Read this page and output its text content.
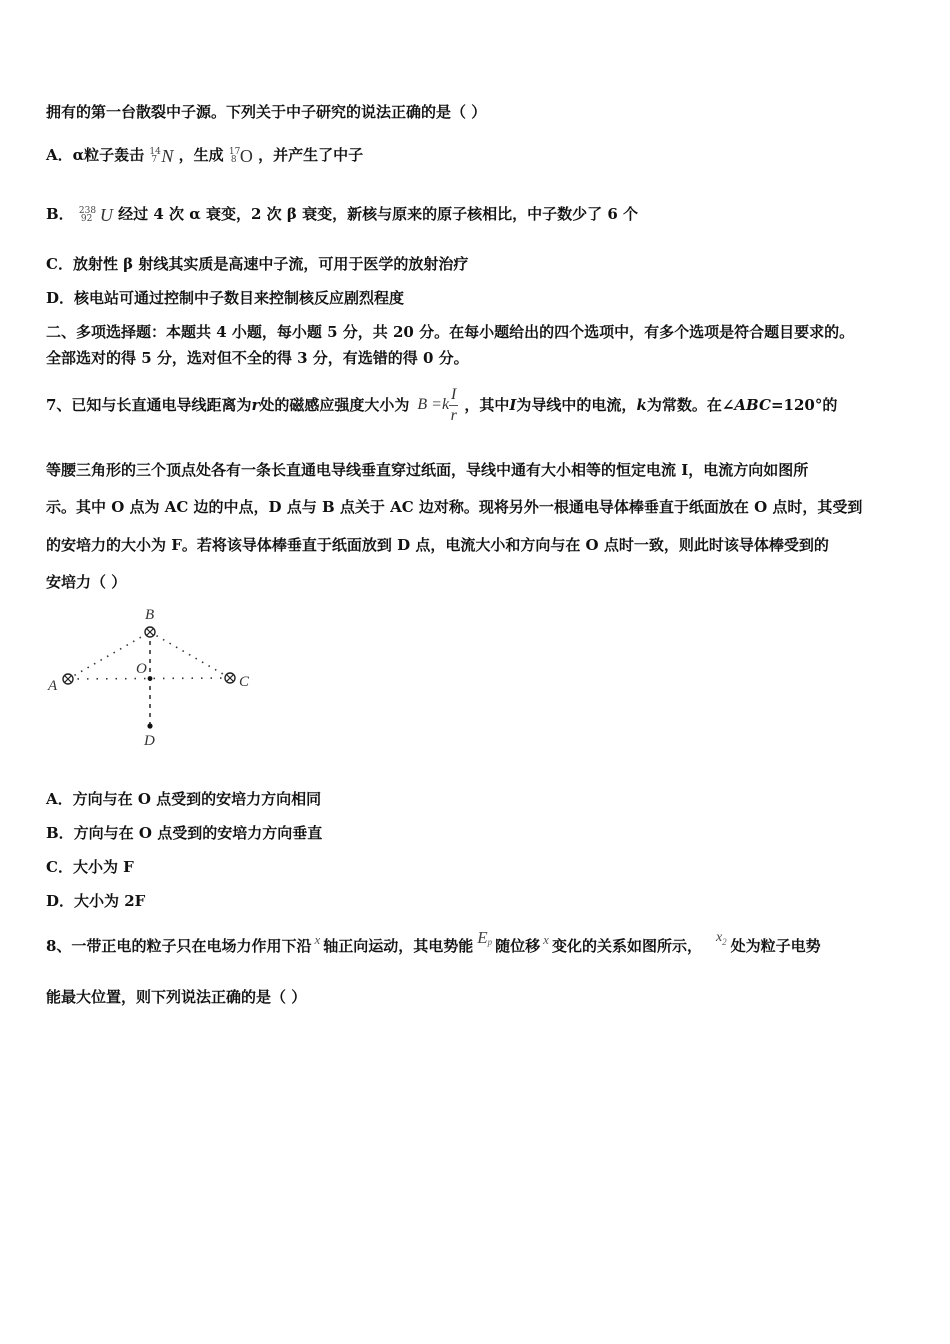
拥有的第一台散裂中子源。下列关于中子研究的说法正确的是（ ）
A．α粒子轰击 14
7 N ，生成 17
8 O ，并产生了中子
B． 238
92 U 经过 4 次 α 衰变，2 次 β 衰变，新核与原来的原子核相比，中子数少了 6 个
C．放射性 β 射线其实质是高速中子流，可用于医学的放射治疗
D．核电站可通过控制中子数目来控制核反应剧烈程度
二、多项选择题：本题共 4 小题，每小题 5 分，共 20 分。在每小题给出的四个选项中，有多个选项是符合题目要求的。
全部选对的得 5 分，选对但不全的得 3 分，有选错的得 0 分。
7、已知与长直通电导线距离为 r 处的磁感应强度大小为 $B =k \frac{I}{r}$ ，其中 I 为导线中的电流， k 为常数。在∠ ABC =120°的
等腰三角形的三个顶点处各有一条长直通电导线垂直穿过纸面，导线中通有大小相等的恒定电流 I，电流方向如图所
示。其中 O 点为 AC 边的中点，D 点与 B 点关于 AC 边对称。现将另外一根通电导体棒垂直于纸面放在 O 点时，其受到
的安培力的大小为 F。若将该导体棒垂直于纸面放到 D 点，电流大小和方向与在 O 点时一致，则此时该导体棒受到的
安培力（ ）
B
A	C
O
D
A．方向与在 O 点受到的安培力方向相同
B．方向与在 O 点受到的安培力方向垂直
C．大小为 F
D．大小为 2F
8、一带正电的粒子只在电场力作用下沿 x 轴正向运动，其电势能 E p 随位移 x 变化的关系如图所示， x 2 处为粒子电势
能最大位置，则下列说法正确的是（ ）
